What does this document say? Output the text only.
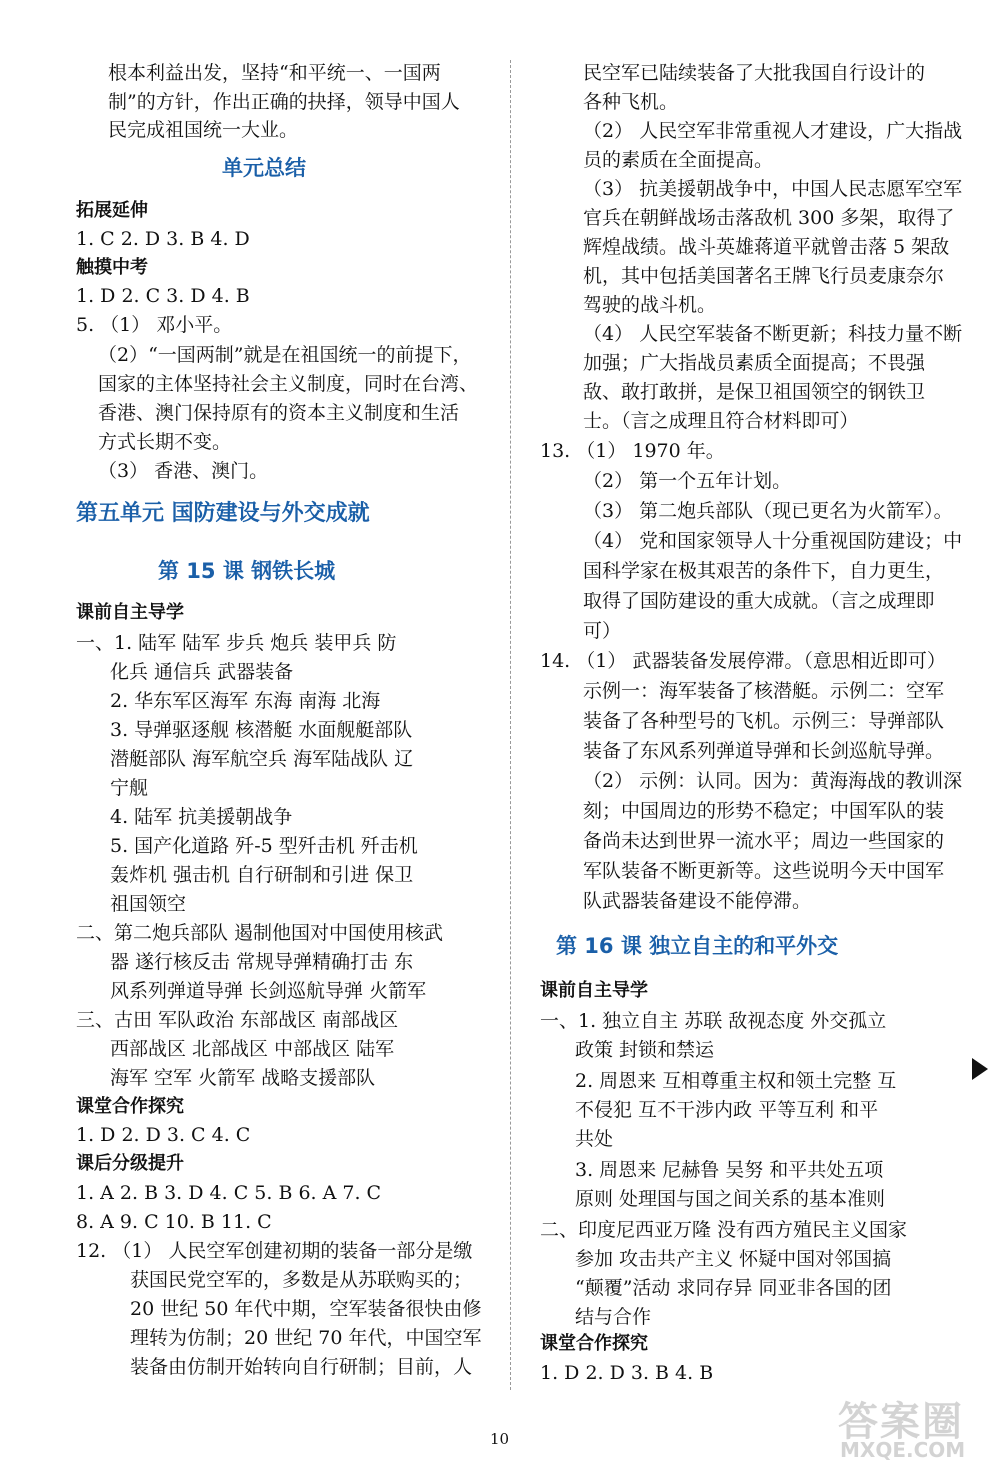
根本利益出发，坚持“和平统一、一国两
制”的方针，作出正确的抉择，领导中国人
民完成祖国统一大业。
单元总结
拓展延伸
1. C 2. D 3. B 4. D
触摸中考
1. D 2. C 3. D 4. B
5. （1） 邓小平。
（2）“一国两制”就是在祖国统一的前提下，
国家的主体坚持社会主义制度，同时在台湾、
香港、澳门保持原有的资本主义制度和生活
方式长期不变。
（3） 香港、澳门。
第五单元 国防建设与外交成就
第 15 课 钢铁长城
课前自主导学
一、1. 陆军 陆军 步兵 炮兵 装甲兵 防
化兵 通信兵 武器装备
2. 华东军区海军 东海 南海 北海
3. 导弹驱逐舰 核潜艇 水面舰艇部队
潜艇部队 海军航空兵 海军陆战队 辽
宁舰
4. 陆军 抗美援朝战争
5. 国产化道路 歼-5 型歼击机 歼击机
轰炸机 强击机 自行研制和引进 保卫
祖国领空
二、第二炮兵部队 遏制他国对中国使用核武
器 遂行核反击 常规导弹精确打击 东
风系列弹道导弹 长剑巡航导弹 火箭军
三、古田 军队政治 东部战区 南部战区
西部战区 北部战区 中部战区 陆军
海军 空军 火箭军 战略支援部队
课堂合作探究
1. D 2. D 3. C 4. C
课后分级提升
1. A 2. B 3. D 4. C 5. B 6. A 7. C
8. A 9. C 10. B 11. C
12. （1） 人民空军创建初期的装备一部分是缴
获国民党空军的，多数是从苏联购买的；
20 世纪 50 年代中期，空军装备很快由修
理转为仿制；20 世纪 70 年代，中国空军
装备由仿制开始转向自行研制；目前，人
民空军已陆续装备了大批我国自行设计的
各种飞机。
（2） 人民空军非常重视人才建设，广大指战
员的素质在全面提高。
（3） 抗美援朝战争中，中国人民志愿军空军
官兵在朝鲜战场击落敌机 300 多架，取得了
辉煌战绩。战斗英雄蒋道平就曾击落 5 架敌
机，其中包括美国著名王牌飞行员麦康奈尔
驾驶的战斗机。
（4） 人民空军装备不断更新；科技力量不断
加强；广大指战员素质全面提高；不畏强
敌、敢打敢拼，是保卫祖国领空的钢铁卫
士。（言之成理且符合材料即可）
13. （1） 1970 年。
（2） 第一个五年计划。
（3） 第二炮兵部队（现已更名为火箭军）。
（4） 党和国家领导人十分重视国防建设；中
国科学家在极其艰苦的条件下，自力更生，
取得了国防建设的重大成就。（言之成理即
可）
14. （1） 武器装备发展停滞。（意思相近即可）
示例一：海军装备了核潜艇。示例二：空军
装备了各种型号的飞机。示例三：导弹部队
装备了东风系列弹道导弹和长剑巡航导弹。
（2） 示例：认同。因为：黄海海战的教训深
刻；中国周边的形势不稳定；中国军队的装
备尚未达到世界一流水平；周边一些国家的
军队装备不断更新等。这些说明今天中国军
队武器装备建设不能停滞。
第 16 课 独立自主的和平外交
课前自主导学
一、1. 独立自主 苏联 敌视态度 外交孤立
政策 封锁和禁运
2. 周恩来 互相尊重主权和领土完整 互
不侵犯 互不干涉内政 平等互利 和平
共处
3. 周恩来 尼赫鲁 吴努 和平共处五项
原则 处理国与国之间关系的基本准则
二、印度尼西亚万隆 没有西方殖民主义国家
参加 攻击共产主义 怀疑中国对邻国搞
“颠覆”活动 求同存异 同亚非各国的团
结与合作
课堂合作探究
1. D 2. D 3. B 4. B
10	答案圈
MXQE.COM
